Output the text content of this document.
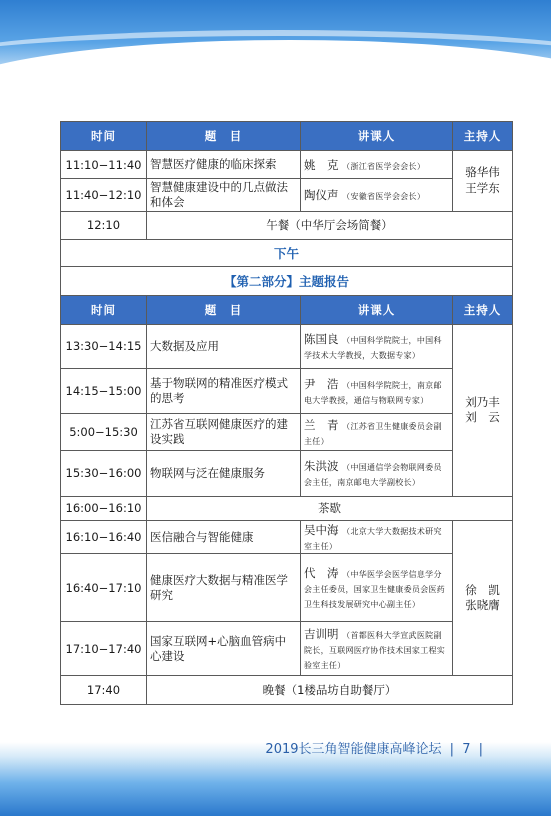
时间	题　目	讲课人	主持人
11:10−11:40	智慧医疗健康的临床探索	姚　克 （浙江省医学会会长）	骆华伟
王学东

11:40−12:10	智慧健康建设中的几点做法和体会	陶仪声 （安徽省医学会会长）	
12:10	午餐（中华厅会场简餐）		
下午			
【第二部分】主题报告			
时间	题　目	讲课人	主持人
13:30−14:15	大数据及应用	陈国良 （中国科学院院士，中国科学技术大学教授，大数据专家）	刘乃丰
刘　云

14:15−15:00	基于物联网的精准医疗模式的思考	尹　浩 （中国科学院院士，南京邮电大学教授，通信与物联网专家）	
5:00−15:30	江苏省互联网健康医疗的建设实践	兰　青 （江苏省卫生健康委员会副主任）	
15:30−16:00	物联网与泛在健康服务	朱洪波 （中国通信学会物联网委员会主任，南京邮电大学副校长）	
16:00−16:10	茶歇		
16:10−16:40	医信融合与智能健康	吴中海 （北京大学大数据技术研究室主任）	徐　凯
张晓膺

16:40−17:10	健康医疗大数据与精准医学研究	代　涛 （中华医学会医学信息学分会主任委员，国家卫生健康委员会医药卫生科技发展研究中心副主任）	
17:10−17:40	国家互联网+心脑血管病中心建设	吉训明 （首都医科大学宣武医院副院长，互联网医疗协作技术国家工程实验室主任）	
17:40	晚餐（1楼品坊自助餐厅）		
2019长三角智能健康高峰论坛 | 7 |
